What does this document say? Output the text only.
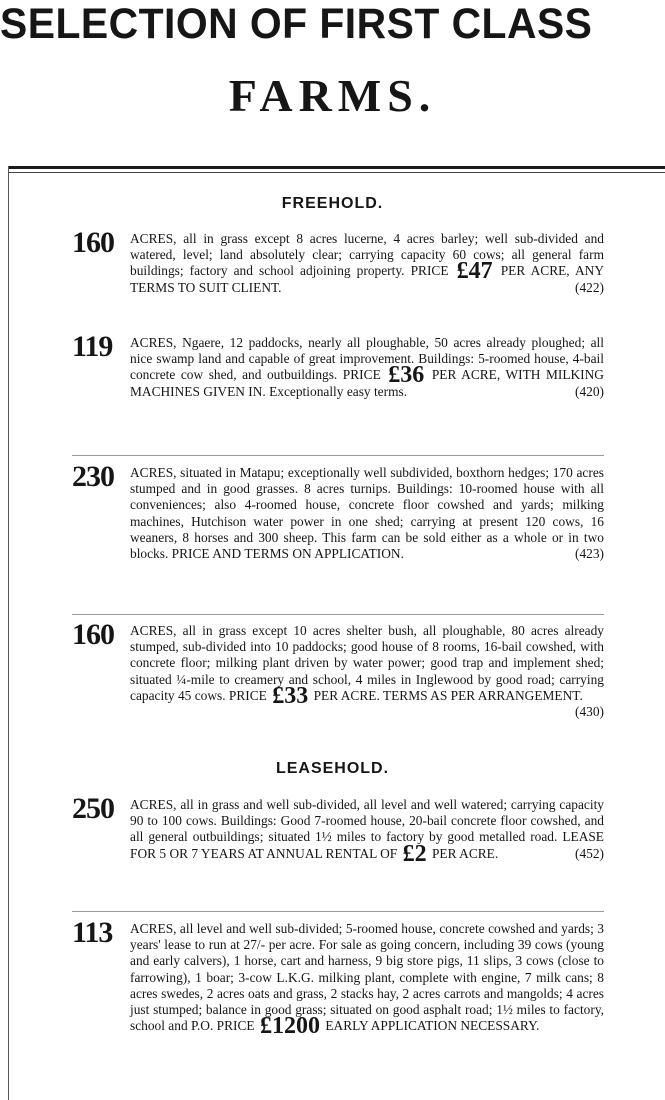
SELECTION OF FIRST CLASS
FARMS.
FREEHOLD.
160 ACRES, all in grass except 8 acres lucerne, 4 acres barley; well sub-divided and watered, level; land absolutely clear; carrying capacity 60 cows; all general farm buildings; factory and school adjoining property. PRICE £47 PER ACRE, ANY TERMS TO SUIT CLIENT.	(422)
119 ACRES, Ngaere, 12 paddocks, nearly all ploughable, 50 acres already ploughed; all nice swamp land and capable of great improvement. Buildings: 5-roomed house, 4-bail concrete cow shed, and outbuildings. PRICE £36 PER ACRE, WITH MILKING MACHINES GIVEN IN. Exceptionally easy terms.	(420)
230 ACRES, situated in Matapu; exceptionally well subdivided, boxthorn hedges; 170 acres stumped and in good grasses. 8 acres turnips. Buildings: 10-roomed house with all conveniences; also 4-roomed house, concrete floor cowshed and yards; milking machines, Hutchison water power in one shed; carrying at present 120 cows, 16 weaners, 8 horses and 300 sheep. This farm can be sold either as a whole or in two blocks. PRICE AND TERMS ON APPLICATION.	(423)
160 ACRES, all in grass except 10 acres shelter bush, all ploughable, 80 acres already stumped, sub-divided into 10 paddocks; good house of 8 rooms, 16-bail cowshed, with concrete floor; milking plant driven by water power; good trap and implement shed; situated ¼-mile to creamery and school, 4 miles in Inglewood by good road; carrying capacity 45 cows. PRICE £33 PER ACRE. TERMS AS PER ARRANGEMENT.
(430)
LEASEHOLD.
250 ACRES, all in grass and well sub-divided, all level and well watered; carrying capacity 90 to 100 cows. Buildings: Good 7-roomed house, 20-bail concrete floor cowshed, and all general outbuildings; situated 1½ miles to factory by good metalled road. LEASE FOR 5 OR 7 YEARS AT ANNUAL RENTAL OF £2 PER ACRE.	(452)
113 ACRES, all level and well sub-divided; 5-roomed house, concrete cowshed and yards; 3 years' lease to run at 27/- per acre. For sale as going concern, including 39 cows (young and early calvers), 1 horse, cart and harness, 9 big store pigs, 11 slips, 3 cows (close to farrowing), 1 boar; 3-cow L.K.G. milking plant, complete with engine, 7 milk cans; 8 acres swedes, 2 acres oats and grass, 2 stacks hay, 2 acres carrots and mangolds; 4 acres just stumped; balance in good grass; situated on good asphalt road; 1½ miles to factory, school and P.O. PRICE £1200 EARLY APPLICATION NECESSARY.
